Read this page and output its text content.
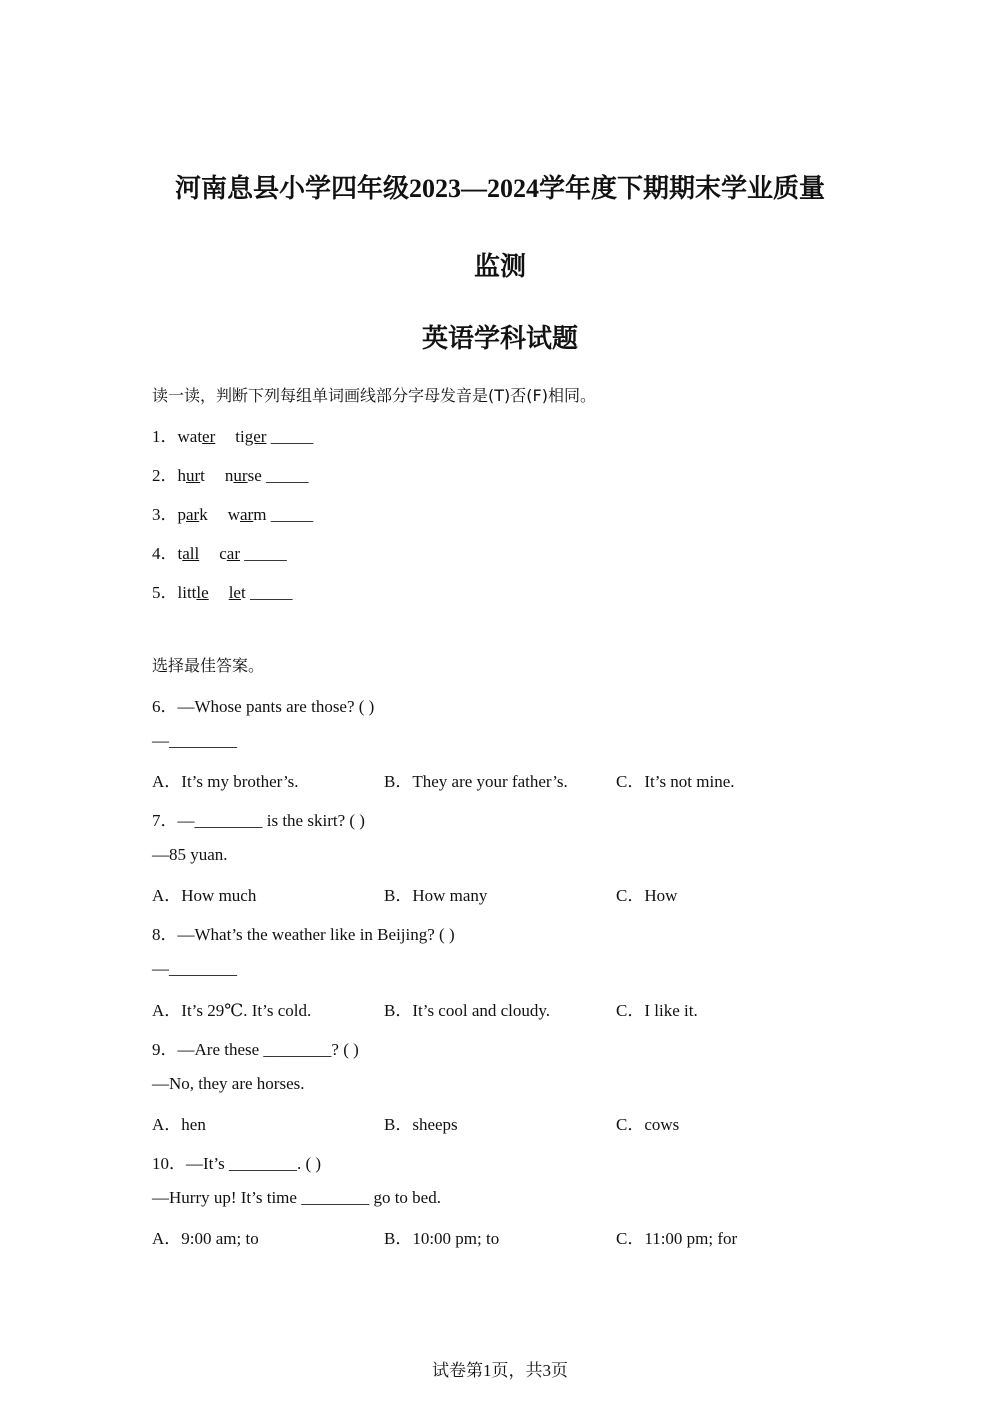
河南息县小学四年级2023—2024学年度下期期末学业质量
监测
英语学科试题
读一读，判断下列每组单词画线部分字母发音是(T)否(F)相同。
1．water tiger _____
2．hurt nurse _____
3．park warm _____
4．tall car _____
5．little let _____
选择最佳答案。
6．—Whose pants are those? ( )
—________
A．It’s my brother’s.	B．They are your father’s.	C．It’s not mine.
7．—________ is the skirt? ( )
—85 yuan.
A．How much	B．How many	C．How
8．—What’s the weather like in Beijing? ( )
—________
A．It’s 29℃. It’s cold.	B．It’s cool and cloudy.	C．I like it.
9．—Are these ________? ( )
—No, they are horses.
A．hen	B．sheeps	C．cows
10．—It’s ________. ( )
—Hurry up! It’s time ________ go to bed.
A．9:00 am; to	B．10:00 pm; to	C．11:00 pm; for
试卷第1页，共3页
